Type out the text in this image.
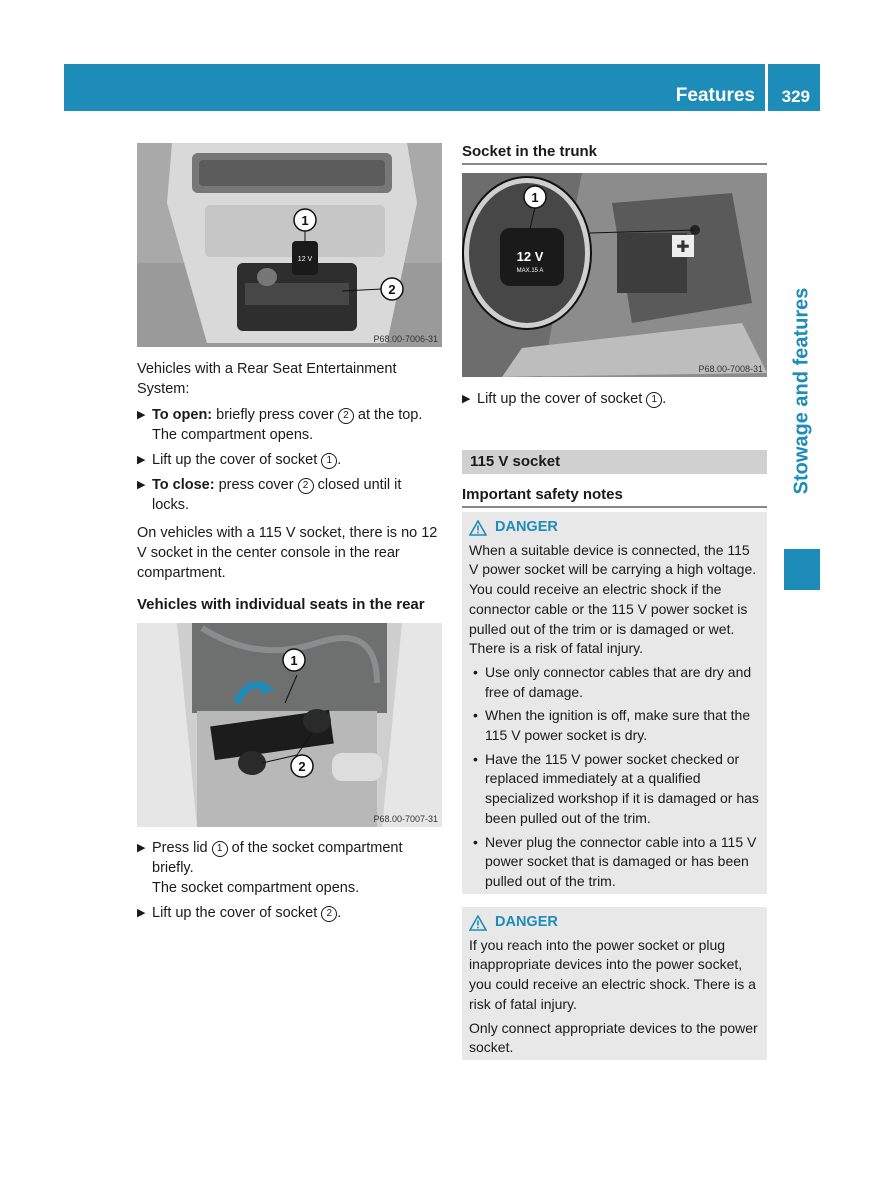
Features 329
Stowage and features
12 V
1
2
P68.00-7006-31
Vehicles with a Rear Seat Entertainment System:
▶ To open: briefly press cover 2 at the top. The compartment opens.
▶ Lift up the cover of socket 1 .
▶ To close: press cover 2 closed until it locks.
On vehicles with a 115 V socket, there is no 12 V socket in the center console in the rear compartment.
Vehicles with individual seats in the rear
1
2
P68.00-7007-31
▶ Press lid 1 of the socket compartment briefly.
The socket compartment opens.
▶ Lift up the cover of socket 2 .
Socket in the trunk
✚
12 V
MAX.15 A
1
P68.00-7008-31
▶ Lift up the cover of socket 1 .
115 V socket
Important safety notes
DANGER
When a suitable device is connected, the 115 V power socket will be carrying a high voltage. You could receive an electric shock if the connector cable or the 115 V power socket is pulled out of the trim or is damaged or wet. There is a risk of fatal injury.
• Use only connector cables that are dry and free of damage.
• When the ignition is off, make sure that the 115 V power socket is dry.
• Have the 115 V power socket checked or replaced immediately at a qualified specialized workshop if it is damaged or has been pulled out of the trim.
• Never plug the connector cable into a 115 V power socket that is damaged or has been pulled out of the trim.
DANGER
If you reach into the power socket or plug inappropriate devices into the power socket, you could receive an electric shock. There is a risk of fatal injury.
Only connect appropriate devices to the power socket.
